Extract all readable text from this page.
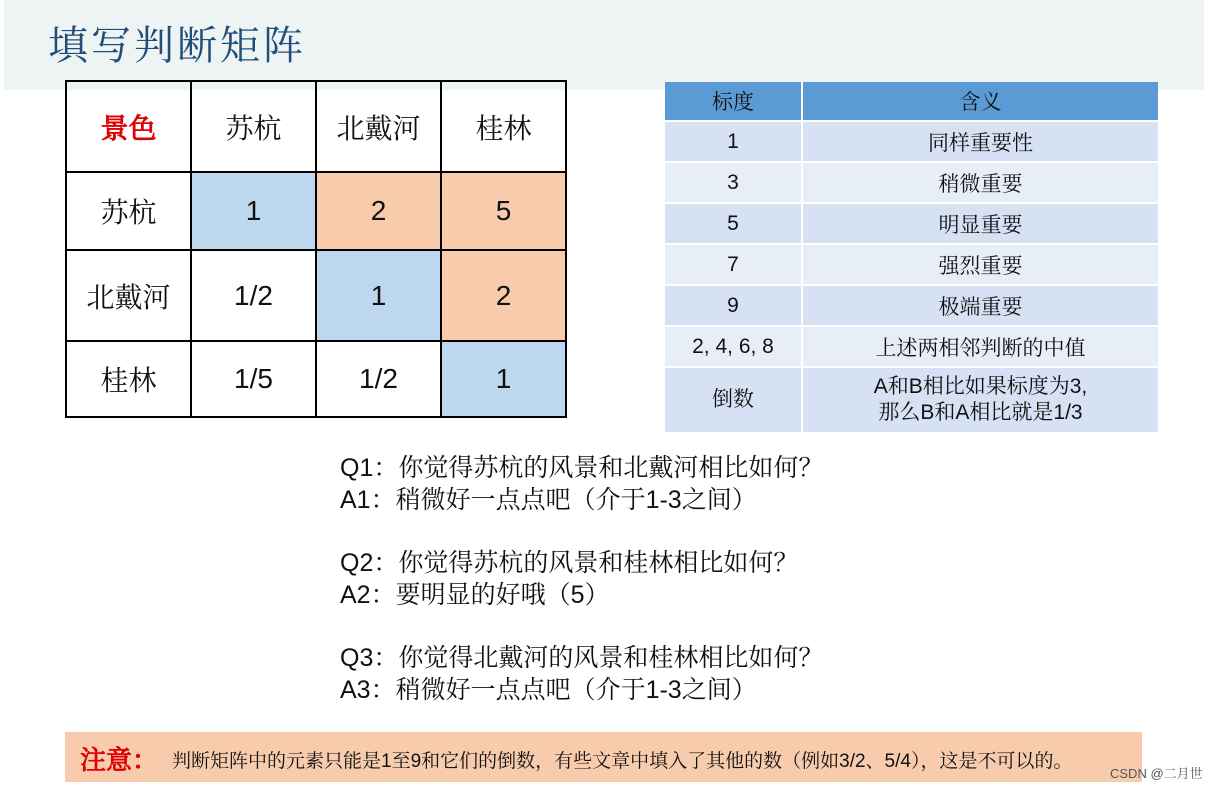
填写判断矩阵
景色	苏杭	北戴河	桂林
苏杭	1	2	5
北戴河	1/2	1	2
桂林	1/5	1/2	1
标度	含义
1	同样重要性
3	稍微重要
5	明显重要
7	强烈重要
9	极端重要
2, 4, 6, 8	上述两相邻判断的中值
倒数	A和B相比如果标度为3,
那么B和A相比就是1/3
Q1：你觉得苏杭的风景和北戴河相比如何？
A1：稍微好一点点吧（介于1-3之间）
Q2：你觉得苏杭的风景和桂林相比如何？
A2：要明显的好哦（5）
Q3：你觉得北戴河的风景和桂林相比如何？
A3：稍微好一点点吧（介于1-3之间）
注意： 判断矩阵中的元素只能是1至9和它们的倒数，有些文章中填入了其他的数（例如3/2、5/4），这是不可以的。
CSDN @二月世
